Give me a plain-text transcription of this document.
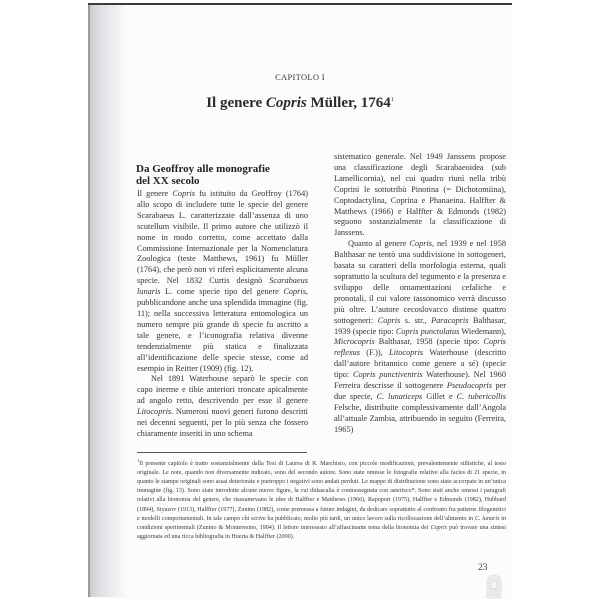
CAPITOLO I
Il genere Copris Müller, 1764$^1$
Da Geoffroy alle monografie
del XX secolo

Il genere Copris fu istituito da Geoffroy (1764) allo scopo di includere tutte le specie del genere Scarabaeus L. caratterizzate dall’assenza di uno scutellum visibile. Il primo autore che utilizzò il nome in modo corretto, come accettato dalla Commissione Internazionale per la Nomenclatura Zoologica (teste Matthews, 1961) fu Müller (1764), che però non vi riferì esplicitamente alcuna specie. Nel 1832 Curtis designò Scarabaeus lunaris L. come specie tipo del genere Copris, pubblicandone anche una splendida immagine (fig. 11); nella successiva letteratura entomologica un numero sempre più grande di specie fu ascritto a tale genere, e l’iconografia relativa divenne tendenzialmente più statica e finalizzata all’identificazione delle specie stesse, come ad esempio in Reitter (1909) (fig. 12).

Nel 1891 Waterhouse separò le specie con capo inerme e tibie anteriori troncate apicalmente ad angolo retto, descrivendo per esse il genere Litocopris. Numerosi nuovi generi furono descritti nei decenni seguenti, per lo più senza che fossero chiaramente inseriti in uno schema

sistematico generale. Nel 1949 Janssens propose una classificazione degli Scarabaeoidea (sub Lamellicornia), nel cui quadro riunì nella tribù Coprini le sottotribù Pinotina (= Dichotomiina), Coptodactylina, Coprina e Phanaeina. Halffter & Matthews (1966) e Halffter & Edmonds (1982) seguono sostanzialmente la classificazione di Janssens.

Quanto al genere Copris, nel 1939 e nel 1958 Balthasar ne tentò una suddivisione in sottogeneri, basata su caratteri della morfologia esterna, quali soprattutto la scultura del tegumento e la presenza e sviluppo delle ornamentazioni cefaliche e pronotali, il cui valore tassonomico verrà discusso più oltre. L’autore cecoslovacco distinse quattro sottogeneri: Copris s. str., Paracopris Balthasar, 1939 (specie tipo: Copris punctulatus Wiedemann), Microcopris Balthasar, 1958 (specie tipo: Copris reflexus (F.)), Litocopris Waterhouse (descritto dall’autore britannico come genere a sé) (specie tipo: Copris punctiventris Waterhouse). Nel 1960 Ferreira descrisse il sottogenere Pseudocopris per due specie, C. lunaticeps Gillet e C. tubericollis Felsche, distribuite complessivamente dall’Angola all’attuale Zambia, attribuendo in seguito (Ferreira, 1965)

$^1$Il presente capitolo è tratto sostanzialmente dalla Tesi di Laurea di R. Marchisio, con piccole modificazioni, prevalentemente stilistiche, al testo originale. Le note, quando non diversamente indicato, sono del secondo autore. Sono state omesse le fotografie relative alla facies di 21 specie, in quanto le stampe originali sono assai deteriorate e purtroppo i negativi sono andati perduti. Le mappe di distribuzione sono state accorpate in un’unica immagine (fig. 13). Sono state introdotte alcune nuove figure, la cui didascalia è contrassegnata con asterisco*. Sono stati anche omessi i paragrafi relativi alla bionomia del genere, che riassumevano le idee di Halffter e Matthews (1966), Rapoport (1975), Halffter e Edmonds (1982), Hubbard (1894), Siyazov (1913), Halffter (1977), Zunino (1982), come premessa a future indagini, da dedicare soprattutto al confronto fra patterns filogenetici e modelli comportamentali. In tale campo chi scrive ha pubblicato, molto più tardi, un unico lavoro sulla ricollocazione dell’alimento in C. lunaris in condizioni sperimentali (Zunino & Monteresino, 1994). Il lettore interessato all’affascinante tema della bionomia dei Copris può trovare una sintesi aggiornata ed una ricca bibliografia in Huerta & Halffter (2000).
23
